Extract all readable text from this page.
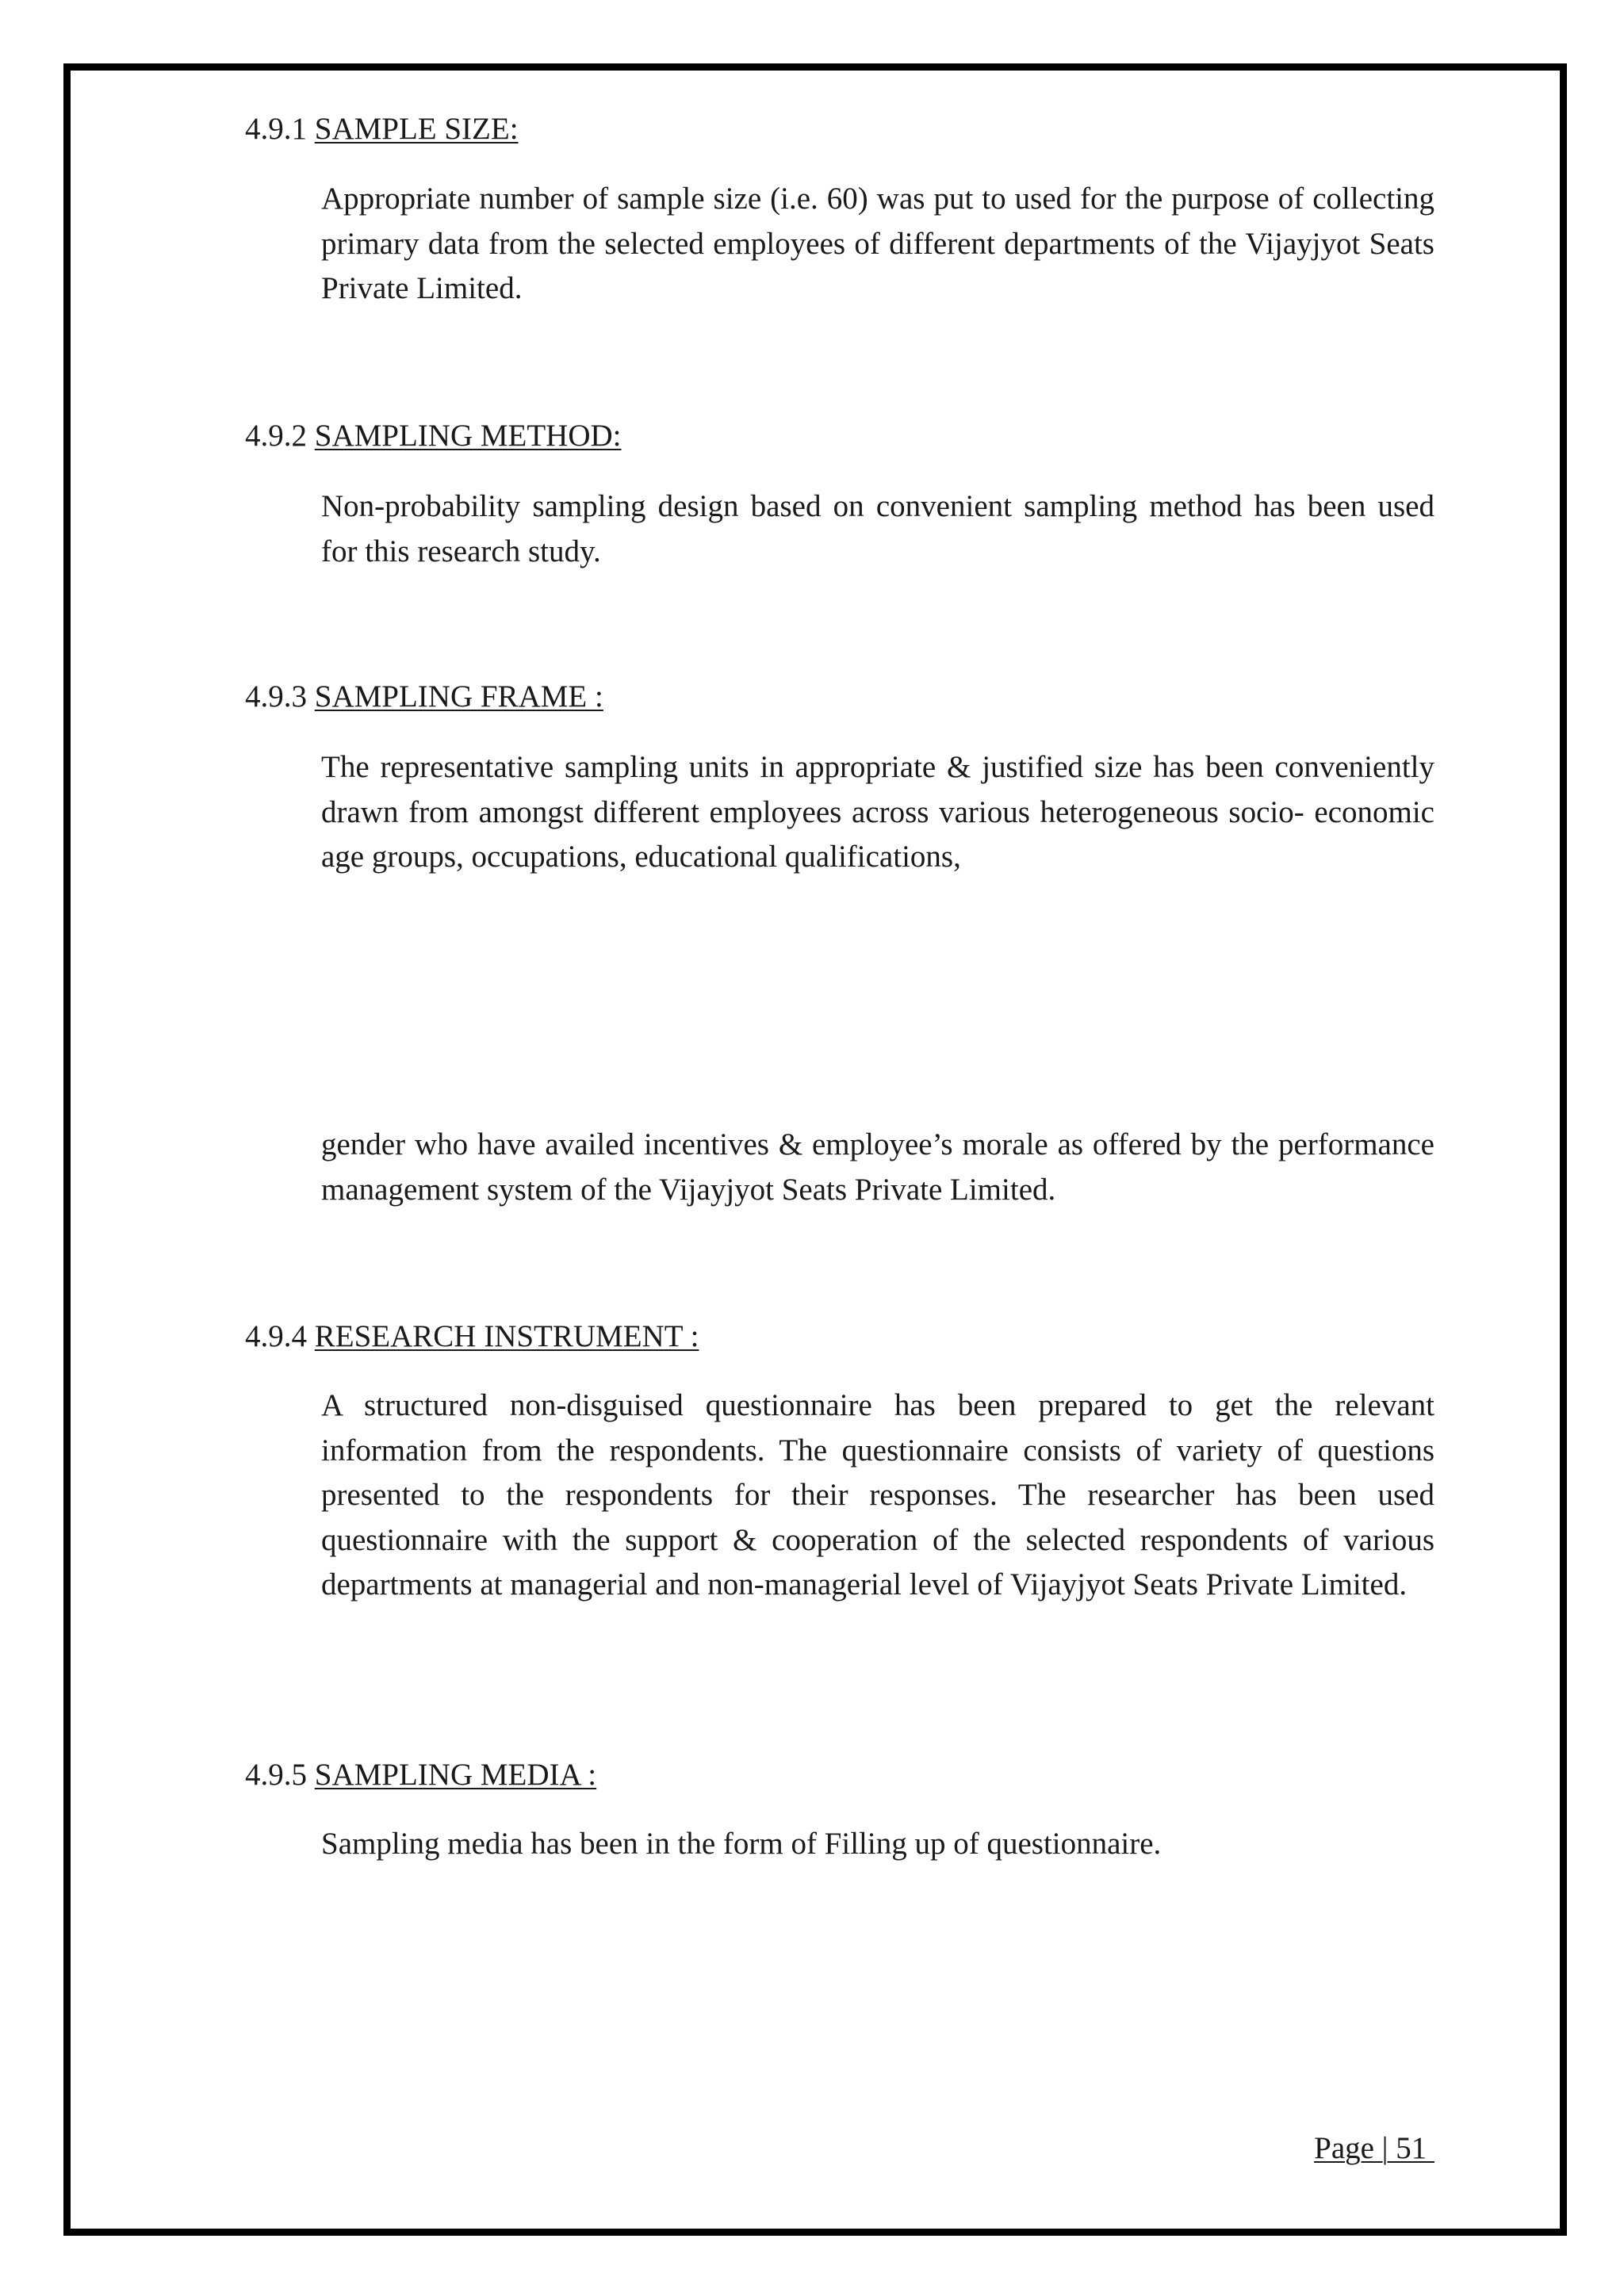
4.9.1 SAMPLE SIZE:

Appropriate number of sample size (i.e. 60) was put to used for the purpose of collecting primary data from the selected employees of different departments of the Vijayjyot Seats Private Limited.

4.9.2 SAMPLING METHOD:

Non-probability sampling design based on convenient sampling method has been used for this research study.

4.9.3 SAMPLING FRAME :

The representative sampling units in appropriate & justified size has been conveniently drawn from amongst different employees across various heterogeneous socio- economic age groups, occupations, educational qualifications,

gender who have availed incentives & employee’s morale as offered by the performance management system of the Vijayjyot Seats Private Limited.

4.9.4 RESEARCH INSTRUMENT :

A structured non-disguised questionnaire has been prepared to get the relevant information from the respondents. The questionnaire consists of variety of questions presented to the respondents for their responses. The researcher has been used questionnaire with the support & cooperation of the selected respondents of various departments at managerial and non-managerial level of Vijayjyot Seats Private Limited.

4.9.5 SAMPLING MEDIA :

Sampling media has been in the form of Filling up of questionnaire.

Page | 51
